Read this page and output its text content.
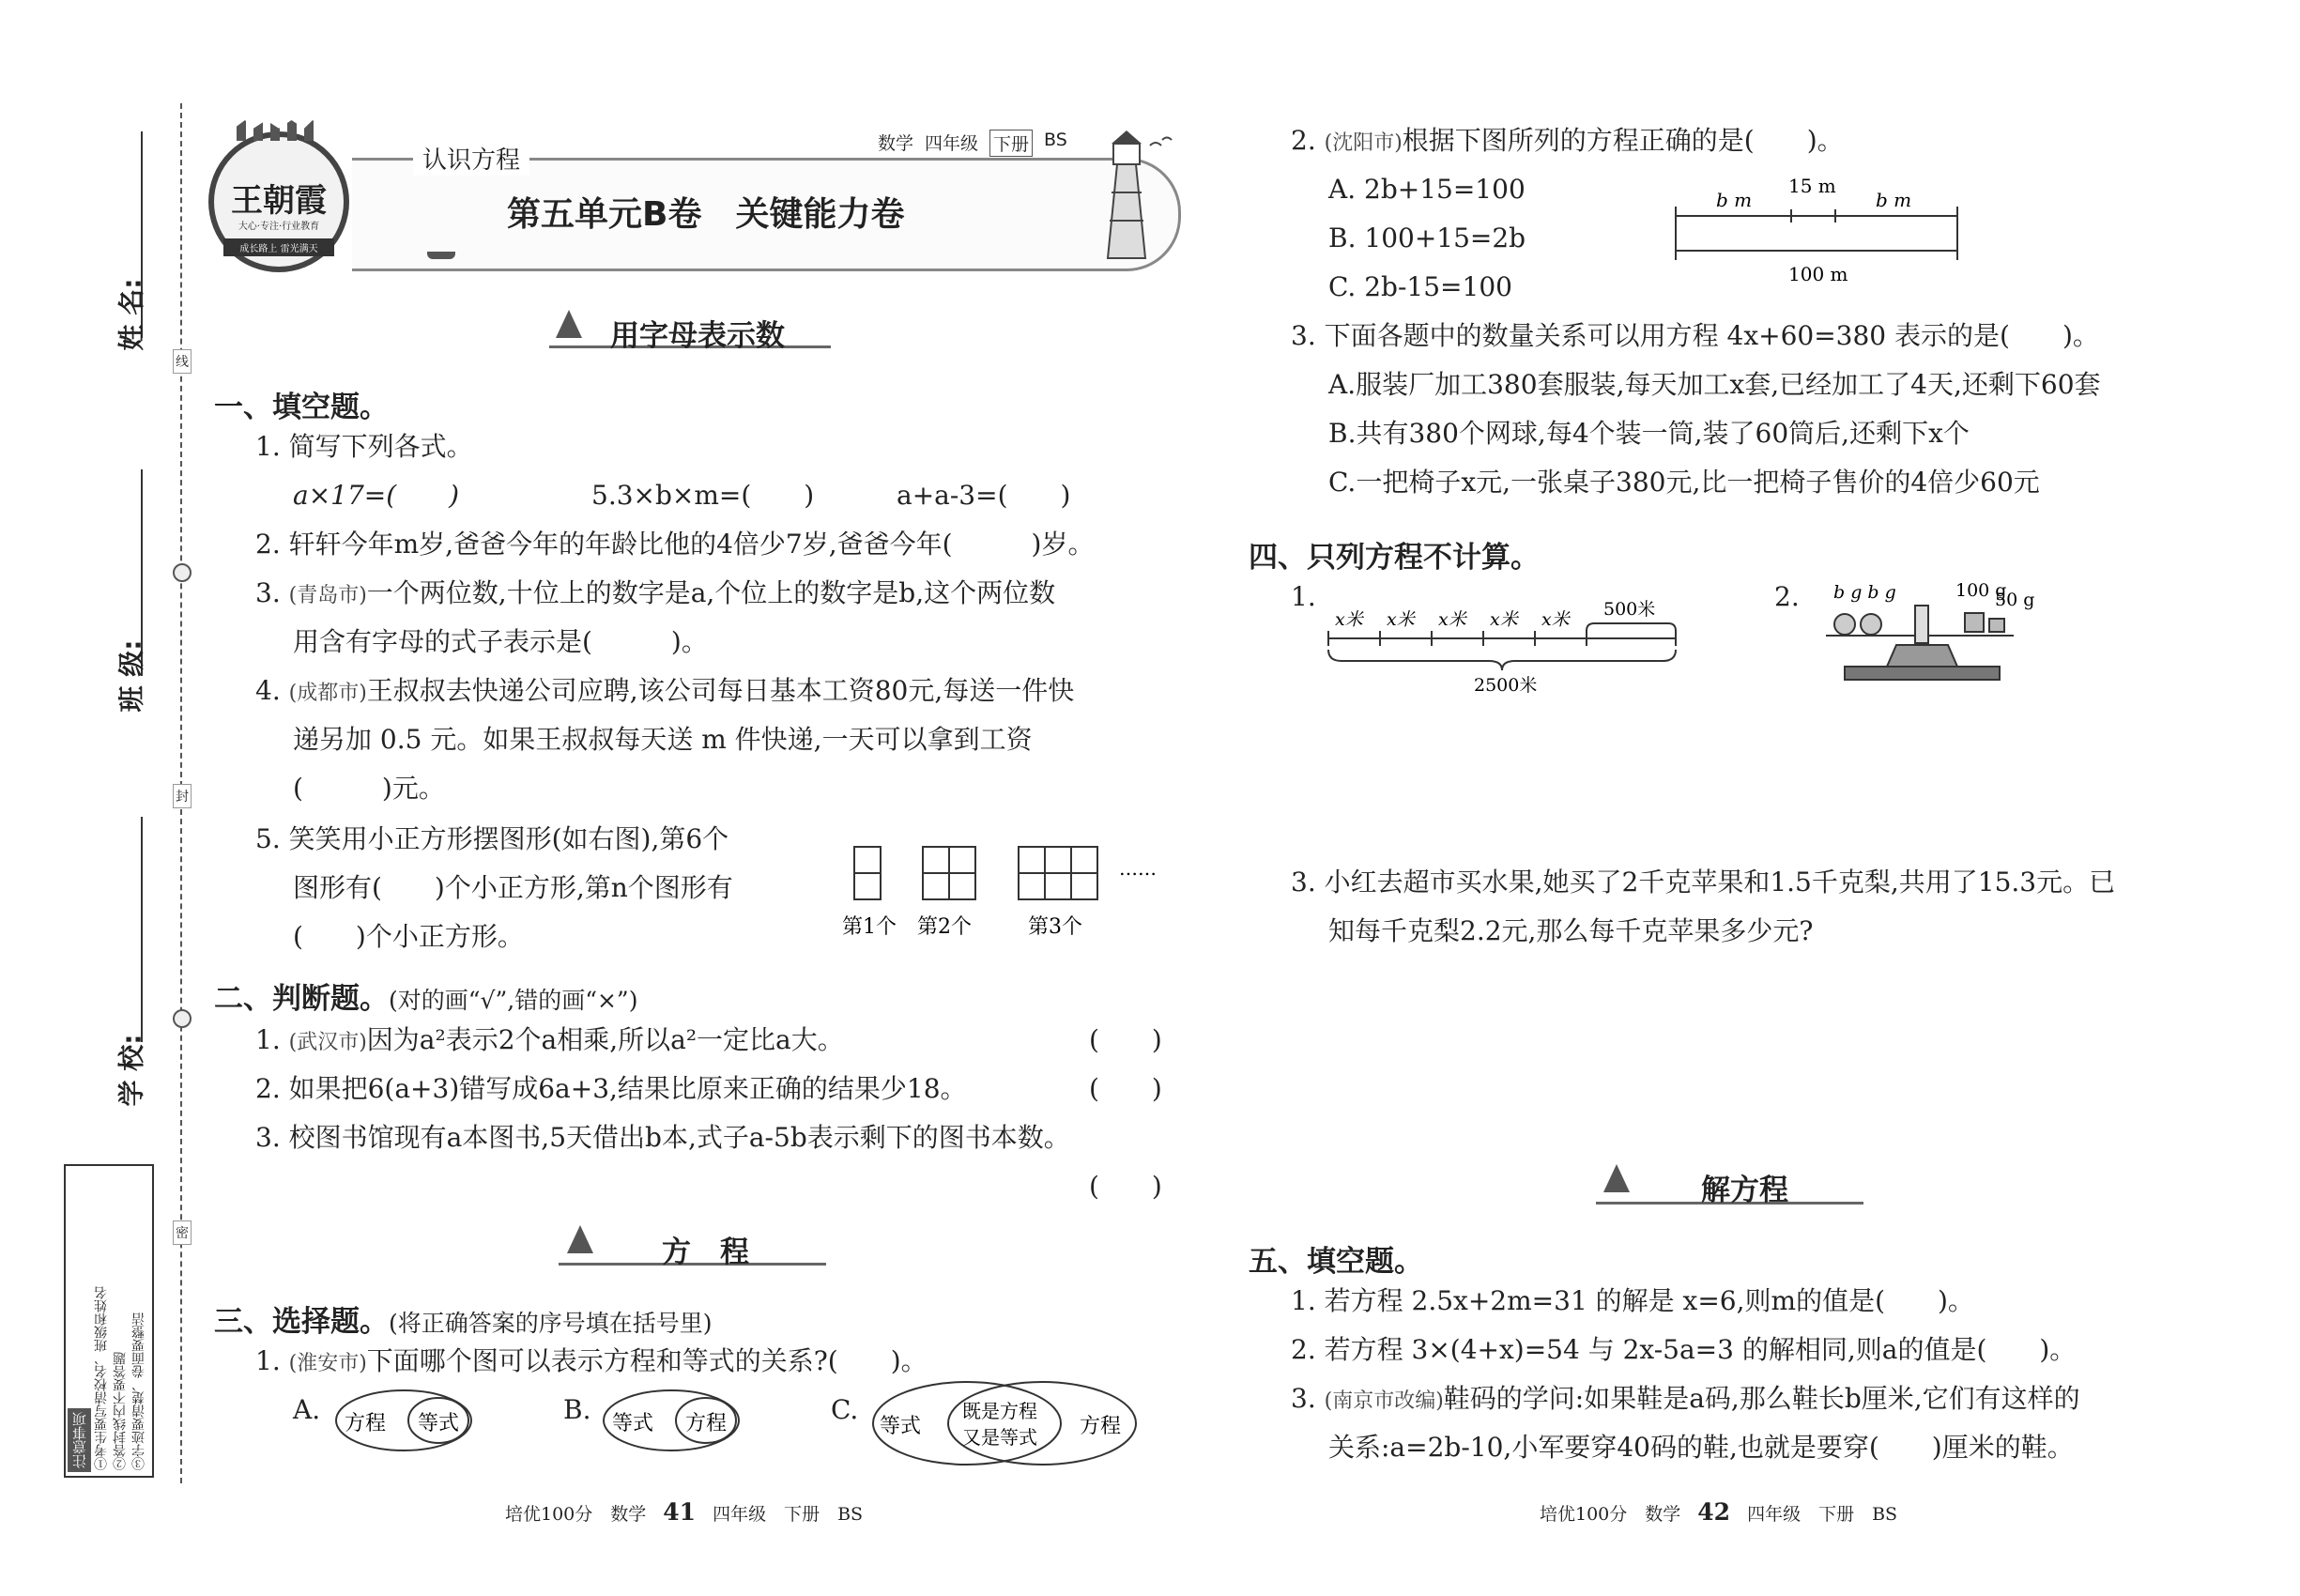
姓 名:
班 级:
学 校:
线
封
密
注意事项 ①考生要写清校名、班级和姓名 ②答封线内不要答题 ③字迹要清楚、卷面要整洁
王朝霞
大心·专注·行业教育
成长路上 雷光满天
认识方程
数学 四年级 下册 BS
第五单元B卷　关键能力卷
用字母表示数
一、填空题。
1. 简写下列各式。
a×17=(　　)	5.3×b×m=(　　)	a+a-3=(　　)
2. 轩轩今年m岁,爸爸今年的年龄比他的4倍少7岁,爸爸今年(　　　)岁。
3. (青岛市)一个两位数,十位上的数字是a,个位上的数字是b,这个两位数
用含有字母的式子表示是(　　　)。
4. (成都市)王叔叔去快递公司应聘,该公司每日基本工资80元,每送一件快
递另加 0.5 元。如果王叔叔每天送 m 件快递,一天可以拿到工资
(　　　)元。
5. 笑笑用小正方形摆图形(如右图),第6个
图形有(　　)个小正方形,第n个图形有
(　　)个小正方形。
……
第1个 第2个	第3个
二、判断题。(对的画“√”,错的画“×”)
1. (武汉市)因为a²表示2个a相乘,所以a²一定比a大。	(　　)
2. 如果把6(a+3)错写成6a+3,结果比原来正确的结果少18。	(　　)
3. 校图书馆现有a本图书,5天借出b本,式子a-5b表示剩下的图书本数。
(　　)
方　程
三、选择题。(将正确答案的序号填在括号里)
1. (淮安市)下面哪个图可以表示方程和等式的关系?(　　)。
A. 方程 等式	B. 等式 方程	C.
等式
既是方程
又是等式 方程
2. (沈阳市)根据下图所列的方程正确的是(　　)。
A. 2b+15=100
B. 100+15=2b
C. 2b-15=100
b m
15 m
b m
100 m
3. 下面各题中的数量关系可以用方程 4x+60=380 表示的是(　　)。
A.服装厂加工380套服装,每天加工x套,已经加工了4天,还剩下60套
B.共有380个网球,每4个装一筒,装了60筒后,还剩下x个
C.一把椅子x元,一张桌子380元,比一把椅子售价的4倍少60元
四、只列方程不计算。
1.
x米 x米 x米 x米 x米 500米
2500米
2. b g b g	100 g
50 g
3. 小红去超市买水果,她买了2千克苹果和1.5千克梨,共用了15.3元。已
知每千克梨2.2元,那么每千克苹果多少元?
解方程
五、填空题。
1. 若方程 2.5x+2m=31 的解是 x=6,则m的值是(　　)。
2. 若方程 3×(4+x)=54 与 2x-5a=3 的解相同,则a的值是(　　)。
3. (南京市改编)鞋码的学问:如果鞋是a码,那么鞋长b厘米,它们有这样的
关系:a=2b-10,小军要穿40码的鞋,也就是要穿(　　)厘米的鞋。
培优100分　数学 41 四年级　下册　BS	培优100分　数学 42 四年级　下册　BS
